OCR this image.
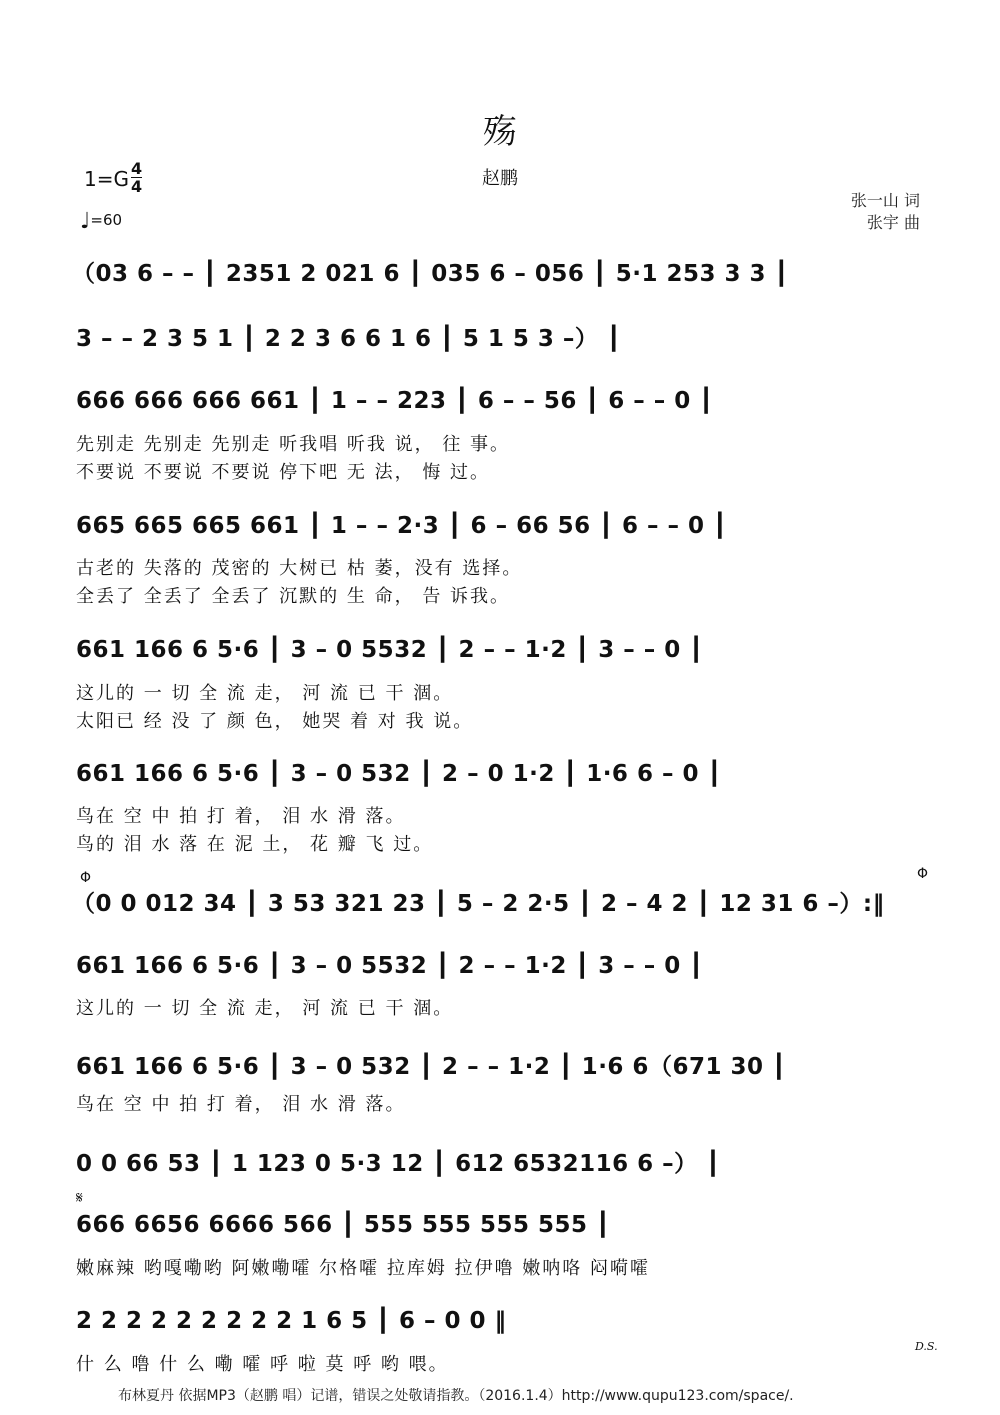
殇
赵鹏
$1=G \frac{4}{4}$
♩=60
张一山 词
张宇 曲
（03 6 – – ┃ 2351 2 021 6 ┃ 035 6 – 056 ┃ 5·1 253 3 3 ┃
3 – – 2 3 5 1 ┃ 2 2 3 6 6 1 6 ┃ 5 1 5 3 –） ┃
666 666 666 661 ┃ 1 – – 223 ┃ 6 – – 56 ┃ 6 – – 0 ┃
先别走 先别走 先别走 听我唱 听我 说， 往 事。
不要说 不要说 不要说 停下吧 无 法， 悔 过。
665 665 665 661 ┃ 1 – – 2·3 ┃ 6 – 66 56 ┃ 6 – – 0 ┃
古老的 失落的 茂密的 大树已 枯 萎，没有 选择。
全丢了 全丢了 全丢了 沉默的 生 命， 告 诉我。
661 166 6 5·6 ┃ 3 – 0 5532 ┃ 2 – – 1·2 ┃ 3 – – 0 ┃
这儿的 一 切 全 流 走， 河 流 已 干 涸。
太阳已 经 没 了 颜 色， 她哭 着 对 我 说。
661 166 6 5·6 ┃ 3 – 0 532 ┃ 2 – 0 1·2 ┃ 1·6 6 – 0 ┃
鸟在 空 中 拍 打 着， 泪 水 滑 落。
鸟的 泪 水 落 在 泥 土， 花 瓣 飞 过。
Φ	Φ
（0 0 012 34 ┃ 3 53 321 23 ┃ 5 – 2 2·5 ┃ 2 – 4 2 ┃ 12 31 6 –）:‖
661 166 6 5·6 ┃ 3 – 0 5532 ┃ 2 – – 1·2 ┃ 3 – – 0 ┃
这儿的 一 切 全 流 走， 河 流 已 干 涸。
661 166 6 5·6 ┃ 3 – 0 532 ┃ 2 – – 1·2 ┃ 1·6 6（671 30 ┃
鸟在 空 中 拍 打 着， 泪 水 滑 落。
0 0 66 53 ┃ 1 123 0 5·3 12 ┃ 612 6532116 6 –） ┃
𝄋
666 6656 6666 566 ┃ 555 555 555 555 ┃
嫩麻辣 哟嘎嘞哟 阿嫩嘞嚯 尔格嚯 拉库姆 拉伊噜 嫩呐咯 闷嗬嚯
2 2 2 2 2 2 2 2 2 1 6 5 ┃ 6 – 0 0 ‖
什 么 噜 什 么 嘞 嚯 呼 啦 莫 呼 哟 喂。
D.S.
布林夏丹 依据MP3（赵鹏 唱）记谱，错误之处敬请指教。（2016.1.4）http://www.qupu123.com/space/.
